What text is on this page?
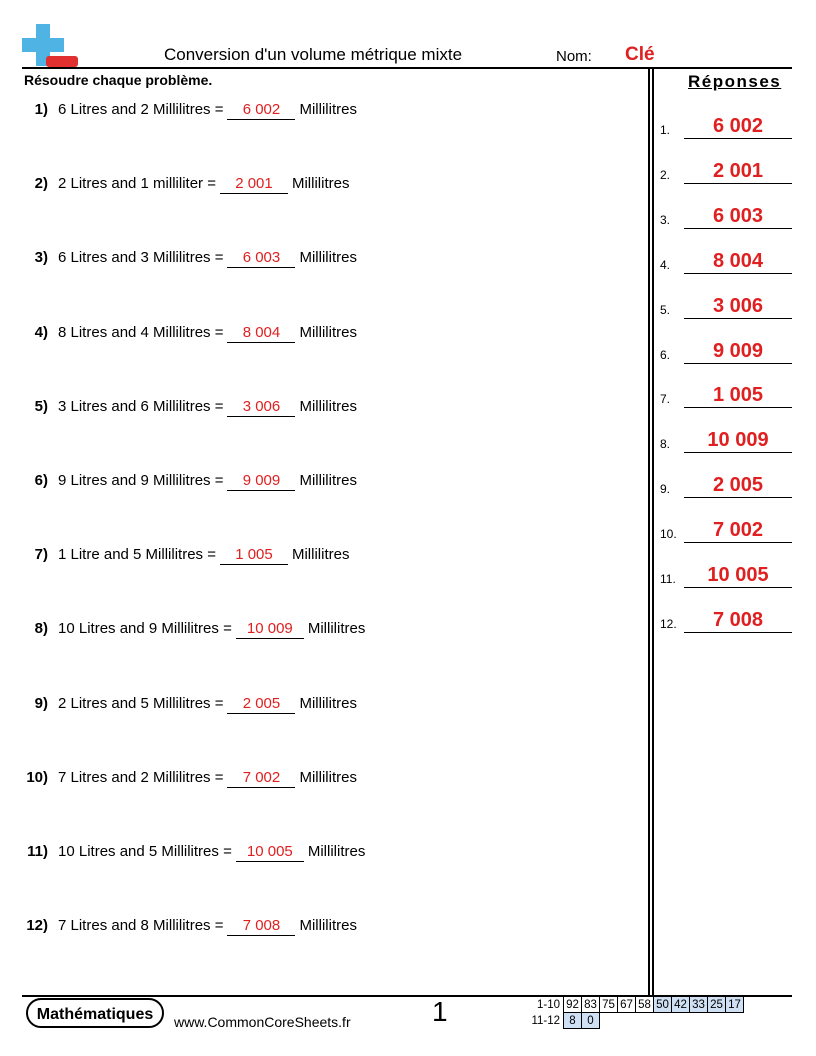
Conversion d'un volume métrique mixte	Nom: Clé
Résoudre chaque problème.	Réponses
1) 6 Litres and 2 Millilitres = 6 002 Millilitres
2) 2 Litres and 1 milliliter = 2 001 Millilitres
3) 6 Litres and 3 Millilitres = 6 003 Millilitres
4) 8 Litres and 4 Millilitres = 8 004 Millilitres
5) 3 Litres and 6 Millilitres = 3 006 Millilitres
6) 9 Litres and 9 Millilitres = 9 009 Millilitres
7) 1 Litre and 5 Millilitres = 1 005 Millilitres
8) 10 Litres and 9 Millilitres = 10 009 Millilitres
9) 2 Litres and 5 Millilitres = 2 005 Millilitres
10) 7 Litres and 2 Millilitres = 7 002 Millilitres
11) 10 Litres and 5 Millilitres = 10 005 Millilitres
12) 7 Litres and 8 Millilitres = 7 008 Millilitres
1.	6 002
2.	2 001
3.	6 003
4.	8 004
5.	3 006
6.	9 009
7.	1 005
8.	10 009
9.	2 005
10.	7 002
11.	10 005
12.	7 008
Mathématiques	www.CommonCoreSheets.fr	1	1-10	92	83	75	67	58	50	42	33	25	17
11-12	8	0								
